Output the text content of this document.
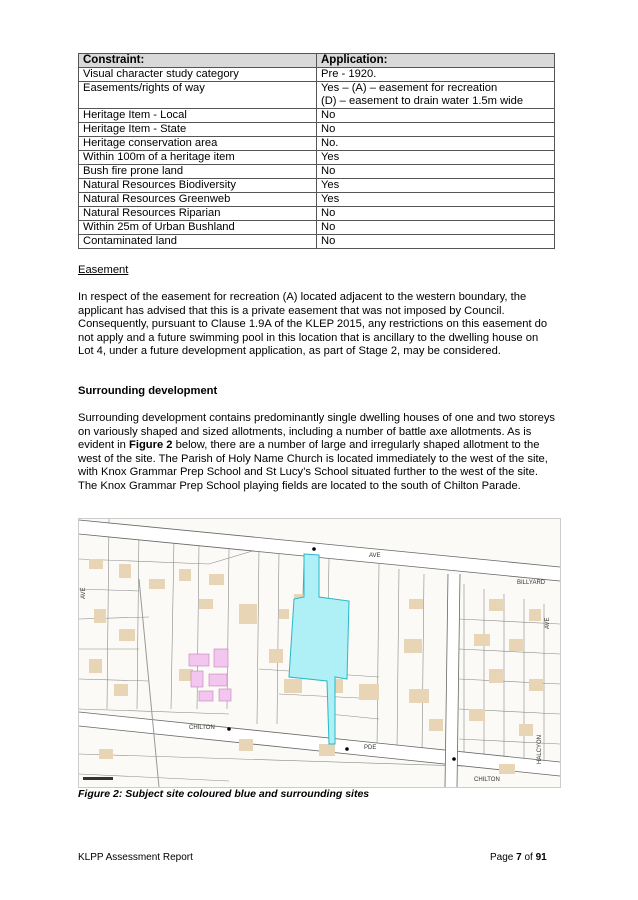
Constraint:	Application:
Visual character study category	Pre - 1920.

Easements/rights of way	Yes – (A) – easement for recreation
(D) – easement to drain water 1.5m wide

Heritage Item - Local	No

Heritage Item - State	No

Heritage conservation area	No.

Within 100m of a heritage item	Yes

Bush fire prone land	No

Natural Resources Biodiversity	Yes

Natural Resources Greenweb	Yes

Natural Resources Riparian	No

Within 25m of Urban Bushland	No

Contaminated land	No
Easement
In respect of the easement for recreation (A) located adjacent to the western boundary, the applicant has advised that this is a private easement that was not imposed by Council. Consequently, pursuant to Clause 1.9A of the KLEP 2015, any restrictions on this easement do not apply and a future swimming pool in this location that is ancillary to the dwelling house on Lot 4, under a future development application, as part of Stage 2, may be considered.
Surrounding development
Surrounding development contains predominantly single dwelling houses of one and two storeys on variously shaped and sized allotments, including a number of battle axe allotments. As is evident in Figure 2 below, there are a number of large and irregularly shaped allotment to the west of the site. The Parish of Holy Name Church is located immediately to the west of the site, with Knox Grammar Prep School and St Lucy’s School situated further to the west of the site. The Knox Grammar Prep School playing fields are located to the south of Chilton Parade.
AVE
BILLYARD
CHILTON
PDE
CHILTON
AVE
HALCYON
AVE
Figure 2: Subject site coloured blue and surrounding sites
KLPP Assessment Report	Page 7 of 91
